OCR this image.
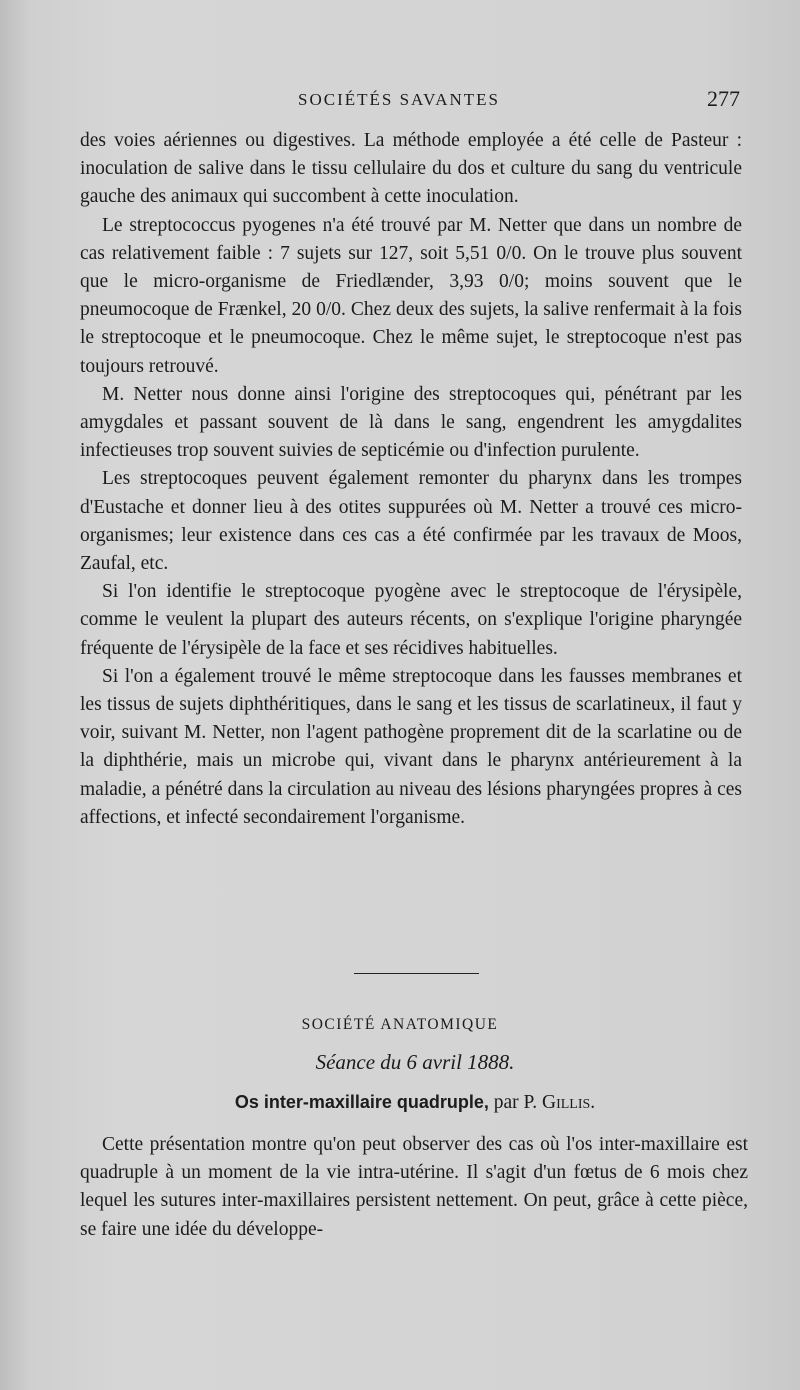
SOCIÉTÉS SAVANTES	277

des voies aériennes ou digestives. La méthode employée a été celle de Pasteur : inoculation de salive dans le tissu cellulaire du dos et culture du sang du ventricule gauche des animaux qui succombent à cette inoculation.

Le streptococcus pyogenes n'a été trouvé par M. Netter que dans un nombre de cas relativement faible : 7 sujets sur 127, soit 5,51 0/0. On le trouve plus souvent que le micro-organisme de Friedlænder, 3,93 0/0; moins souvent que le pneumocoque de Frænkel, 20 0/0. Chez deux des sujets, la salive renfermait à la fois le streptocoque et le pneumocoque. Chez le même sujet, le streptocoque n'est pas toujours retrouvé.

M. Netter nous donne ainsi l'origine des streptocoques qui, pénétrant par les amygdales et passant souvent de là dans le sang, engendrent les amygdalites infectieuses trop souvent suivies de septicémie ou d'infection purulente.

Les streptocoques peuvent également remonter du pharynx dans les trompes d'Eustache et donner lieu à des otites suppurées où M. Netter a trouvé ces micro-organismes; leur existence dans ces cas a été confirmée par les travaux de Moos, Zaufal, etc.

Si l'on identifie le streptocoque pyogène avec le streptocoque de l'érysipèle, comme le veulent la plupart des auteurs récents, on s'explique l'origine pharyngée fréquente de l'érysipèle de la face et ses récidives habituelles.

Si l'on a également trouvé le même streptocoque dans les fausses membranes et les tissus de sujets diphthéritiques, dans le sang et les tissus de scarlatineux, il faut y voir, suivant M. Netter, non l'agent pathogène proprement dit de la scarlatine ou de la diphthérie, mais un microbe qui, vivant dans le pharynx antérieurement à la maladie, a pénétré dans la circulation au niveau des lésions pharyngées propres à ces affections, et infecté secondairement l'organisme.

SOCIÉTÉ ANATOMIQUE
Séance du 6 avril 1888.
Os inter-maxillaire quadruple, par P. Gillis.

Cette présentation montre qu'on peut observer des cas où l'os inter-maxillaire est quadruple à un moment de la vie intra-utérine. Il s'agit d'un fœtus de 6 mois chez lequel les sutures inter-maxillaires persistent nettement. On peut, grâce à cette pièce, se faire une idée du développe-
